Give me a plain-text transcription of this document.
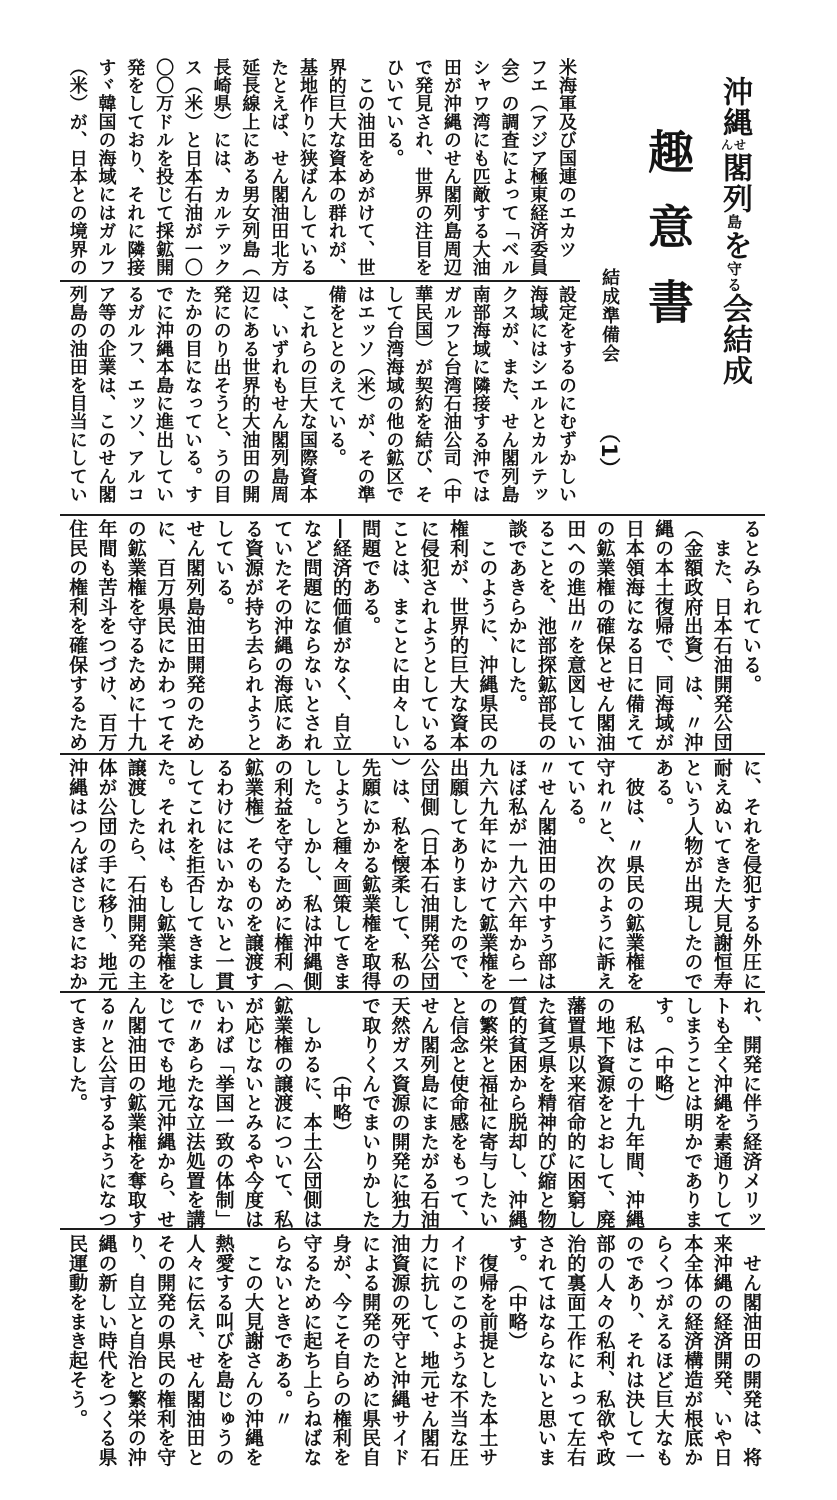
沖縄せん閣列島を守る会結成
趣意書
結成準備会
（1）
米海軍及び国連のエカツ
フエ（アジア極東経済委員
会）の調査によって「ベル
シャワ湾にも匹敵する大油
田が沖縄のせん閣列島周辺
で発見され、世界の注目を
ひいている。
　この油田をめがけて、世
界的巨大な資本の群れが、
基地作りに狭ばんしている
たとえば、せん閣油田北方
延長線上にある男女列島（
長崎県）には、カルテック
ス（米）と日本石油が一〇
〇〇万ドルを投じて採鉱開
発をしており、それに隣接
すヾ韓国の海域にはガルフ
（米）が、日本との境界の
設定をするのにむずかしい
海域にはシエルとカルテッ
クスが、また、せん閣列島
南部海域に隣接する沖では
ガルフと台湾石油公司（中
華民国）が契約を結び、そ
して台湾海域の他の鉱区で
はエッソ（米）が、その準
備をととのえている。
　これらの巨大な国際資本
は、いずれもせん閣列島周
辺にある世界的大油田の開
発にのり出そうと、うの目
たかの目になっている。す
でに沖縄本島に進出してい
るガルフ、エッソ、アルコ
ア等の企業は、このせん閣
列島の油田を目当にしてい
るとみられている。
　また、日本石油開発公団
（金額政府出資）は、〃沖
縄の本土復帰で、同海域が
日本領海になる日に備えて
の鉱業権の確保とせん閣油
田への進出〃を意図してい
ることを、池部探鉱部長の
談であきらかにした。
　このように、沖縄県民の
権利が、世界的巨大な資本
に侵犯されようとしている
ことは、まことに由々しい
問題である。
―経済的価値がなく、自立
など問題にならないとされ
ていたその沖縄の海底にあ
る資源が持ち去られようと
している。
せん閣列島油田開発のため
に、百万県民にかわってそ
の鉱業権を守るために十九
年間も苦斗をつづけ、百万
住民の権利を確保するため
に、それを侵犯する外圧に
耐えぬいてきた大見謝恒寿
という人物が出現したので
ある。
　彼は、〃県民の鉱業権を
守れ〃と、次のように訴え
ている。
〃せん閣油田の中すう部は
ほぼ私が一九六六年から一
九六九年にかけて鉱業権を
出願してありましたので、
公団側（日本石油開発公団
）は、私を懐柔して、私の
先願にかかる鉱業権を取得
しようと種々画策してきま
した。しかし、私は沖縄側
の利益を守るために権利（
鉱業権）そのものを譲渡す
るわけにはいかないと一貫
してこれを拒否してきまし
た。それは、もし鉱業権を
譲渡したら、石油開発の主
体が公団の手に移り、地元
沖縄はつんぼさじきにおか
れ、開発に伴う経済メリッ
トも全く沖縄を素通りして
しまうことは明かでありま
す。　（中略）
　私はこの十九年間、沖縄
の地下資源をとおして、廃
藩置県以来宿命的に困窮し
た貧乏県を精神的び縮と物
質的貧困から脱却し、沖縄
の繁栄と福祉に寄与したい
と信念と使命感をもって、
せん閣列島にまたがる石油
天然ガス資源の開発に独力
で取りくんでまいりかした
　　　　（中略）
　しかるに、本土公団側は
鉱業権の譲渡について、私
が応じないとみるや今度は
いわば「挙国一致の体制」
で〃あらたな立法処置を講
じてでも地元沖縄から、せ
ん閣油田の鉱業権を奪取す
る〃と公言するようになつ
てきました。
　せん閣油田の開発は、将
来沖縄の経済開発、いや日
本全体の経済構造が根底か
らくつがえるほど巨大なも
のであり、それは決して一
部の人々の私利、私欲や政
治的裏面工作によって左右
されてはならないと思いま
す。　（中略）
　復帰を前提とした本土サ
イドのこのような不当な圧
力に抗して、地元せん閣石
油資源の死守と沖縄サイド
による開発のために県民自
身が、今こそ自らの権利を
守るために起ち上らねばな
らないときである。〃
　この大見謝さんの沖縄を
熱愛する叫びを島じゅうの
人々に伝え、せん閣油田と
その開発の県民の権利を守
り、自立と自治と繁栄の沖
縄の新しい時代をつくる県
民運動をまき起そう。
